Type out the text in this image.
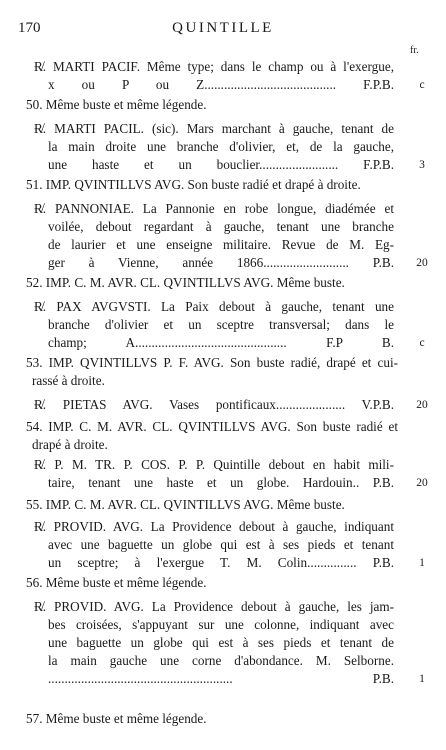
170	QUINTILLE
fr.
Ɍ̸. MARTI PACIF. Même type; dans le champ ou à l'exergue,
x ou P ou Z........................................ F.P.B.	c
50. Même buste et même légende.
Ɍ̸. MARTI PACIL. (sic). Mars marchant à gauche, tenant de
la main droite une branche d'olivier, et, de la gauche,
une haste et un bouclier........................ F.P.B.	3
51. IMP. QVINTILLVS AVG. Son buste radié et drapé à droite.
Ɍ̸. PANNONIAE. La Pannonie en robe longue, diadémée et
voilée, debout regardant à gauche, tenant une branche
de laurier et une enseigne militaire. Revue de M. Eg-
ger à Vienne, année 1866.......................... P.B.	20
52. IMP. C. M. AVR. CL. QVINTILLVS AVG. Même buste.
Ɍ̸. PAX AVGVSTI. La Paix debout à gauche, tenant une
branche d'olivier et un sceptre transversal; dans le
champ; A.............................................. F.P B.	c
53. IMP. QVINTILLVS P. F. AVG. Son buste radié, drapé et cui-
rassé à droite.
Ɍ̸. PIETAS AVG. Vases pontificaux..................... V.P.B.	20
54. IMP. C. M. AVR. CL. QVINTILLVS AVG. Son buste radié et
drapé à droite.
Ɍ̸. P. M. TR. P. COS. P. P. Quintille debout en habit mili-
taire, tenant une haste et un globe. Hardouin.. P.B.	20
55. IMP. C. M. AVR. CL. QVINTILLVS AVG. Même buste.
Ɍ̸. PROVID. AVG. La Providence debout à gauche, indiquant
avec une baguette un globe qui est à ses pieds et tenant
un sceptre; à l'exergue T. M. Colin............... P.B.	1
56. Même buste et même légende.
Ɍ̸. PROVID. AVG. La Providence debout à gauche, les jam-
bes croisées, s'appuyant sur une colonne, indiquant avec
une baguette un globe qui est à ses pieds et tenant de
la main gauche une corne d'abondance. M. Selborne.
........................................................ P.B.	1
57. Même buste et même légende.
